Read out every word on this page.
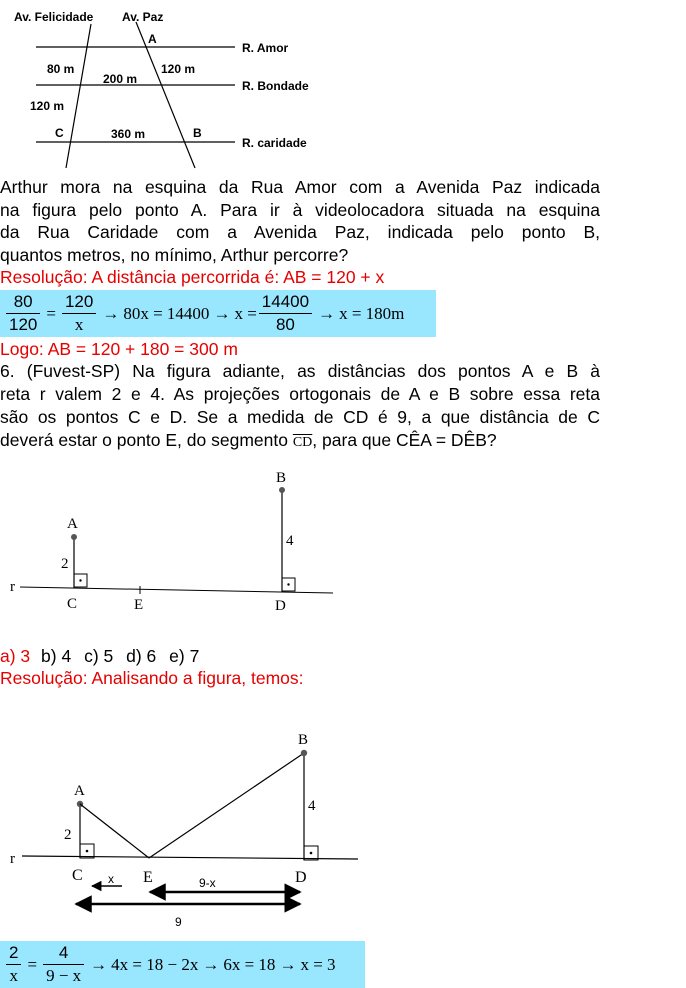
Av. Felicidade Av. Paz
A
R. Amor
80 m
200 m
120 m
R. Bondade
120 m
C	360 m	B
R. caridade
Arthur mora na esquina da Rua Amor com a Avenida Paz indicada
na figura pelo ponto A. Para ir à videolocadora situada na esquina
da Rua Caridade com a Avenida Paz, indicada pelo ponto B,
quantos metros, no mínimo, Arthur percorre?
Resolução: A distância percorrida é: AB = 120 + x
$\frac{80}{120} = \frac{120}{x} \to 80x = 14400 \to x = \frac{14400}{80} \to x = 180m$
Logo: AB = 120 + 180 = 300 m
6. (Fuvest-SP) Na figura adiante, as distâncias dos pontos A e B à
reta r valem 2 e 4. As projeções ortogonais de A e B sobre essa reta
são os pontos C e D. Se a medida de CD é 9, a que distância de C
deverá estar o ponto E, do segmento $\overline{CD}$, para que CÊA = DÊB?
r
A
2
C	E
B
4
D
a) 3 b) 4 c) 5 d) 6 e) 7
Resolução: Analisando a figura, temos:
r
A
2
B
4
C	E	D
x	9-x
9
$\frac{2}{x} = \frac{4}{9 - x} \to 4x = 18 - 2x \to 6x = 18 \to x = 3$
